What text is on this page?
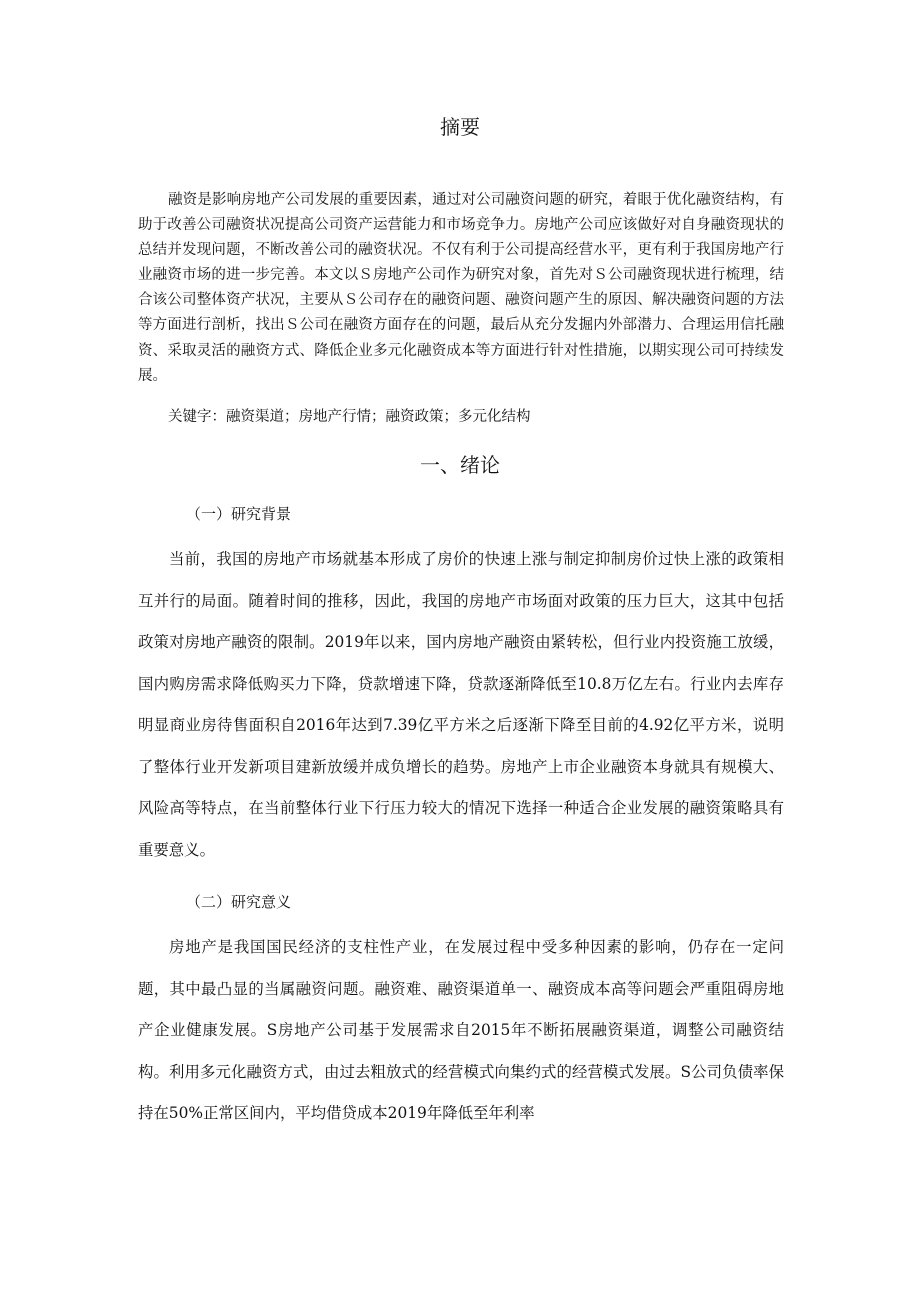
摘要

融资是影响房地产公司发展的重要因素，通过对公司融资问题的研究，着眼于优化融资结构，有助于改善公司融资状况提高公司资产运营能力和市场竞争力。房地产公司应该做好对自身融资现状的总结并发现问题，不断改善公司的融资状况。不仅有利于公司提高经营水平，更有利于我国房地产行业融资市场的进一步完善。本文以Ｓ房地产公司作为研究对象，首先对Ｓ公司融资现状进行梳理，结合该公司整体资产状况，主要从Ｓ公司存在的融资问题、融资问题产生的原因、解决融资问题的方法等方面进行剖析，找出Ｓ公司在融资方面存在的问题，最后从充分发掘内外部潜力、合理运用信托融资、采取灵活的融资方式、降低企业多元化融资成本等方面进行针对性措施，以期实现公司可持续发展。

关键字：融资渠道；房地产行情；融资政策；多元化结构

一、绪论
（一）研究背景

当前，我国的房地产市场就基本形成了房价的快速上涨与制定抑制房价过快上涨的政策相互并行的局面。随着时间的推移，因此，我国的房地产市场面对政策的压力巨大，这其中包括政策对房地产融资的限制。2019年以来，国内房地产融资由紧转松，但行业内投资施工放缓，国内购房需求降低购买力下降，贷款增速下降，贷款逐渐降低至10.8万亿左右。行业内去库存明显商业房待售面积自2016年达到7.39亿平方米之后逐渐下降至目前的4.92亿平方米，说明了整体行业开发新项目建新放缓并成负增长的趋势。房地产上市企业融资本身就具有规模大、风险高等特点，在当前整体行业下行压力较大的情况下选择一种适合企业发展的融资策略具有重要意义。

（二）研究意义

房地产是我国国民经济的支柱性产业，在发展过程中受多种因素的影响，仍存在一定问题，其中最凸显的当属融资问题。融资难、融资渠道单一、融资成本高等问题会严重阻碍房地产企业健康发展。S房地产公司基于发展需求自2015年不断拓展融资渠道，调整公司融资结构。利用多元化融资方式，由过去粗放式的经营模式向集约式的经营模式发展。S公司负债率保持在50%正常区间内，平均借贷成本2019年降低至年利率
